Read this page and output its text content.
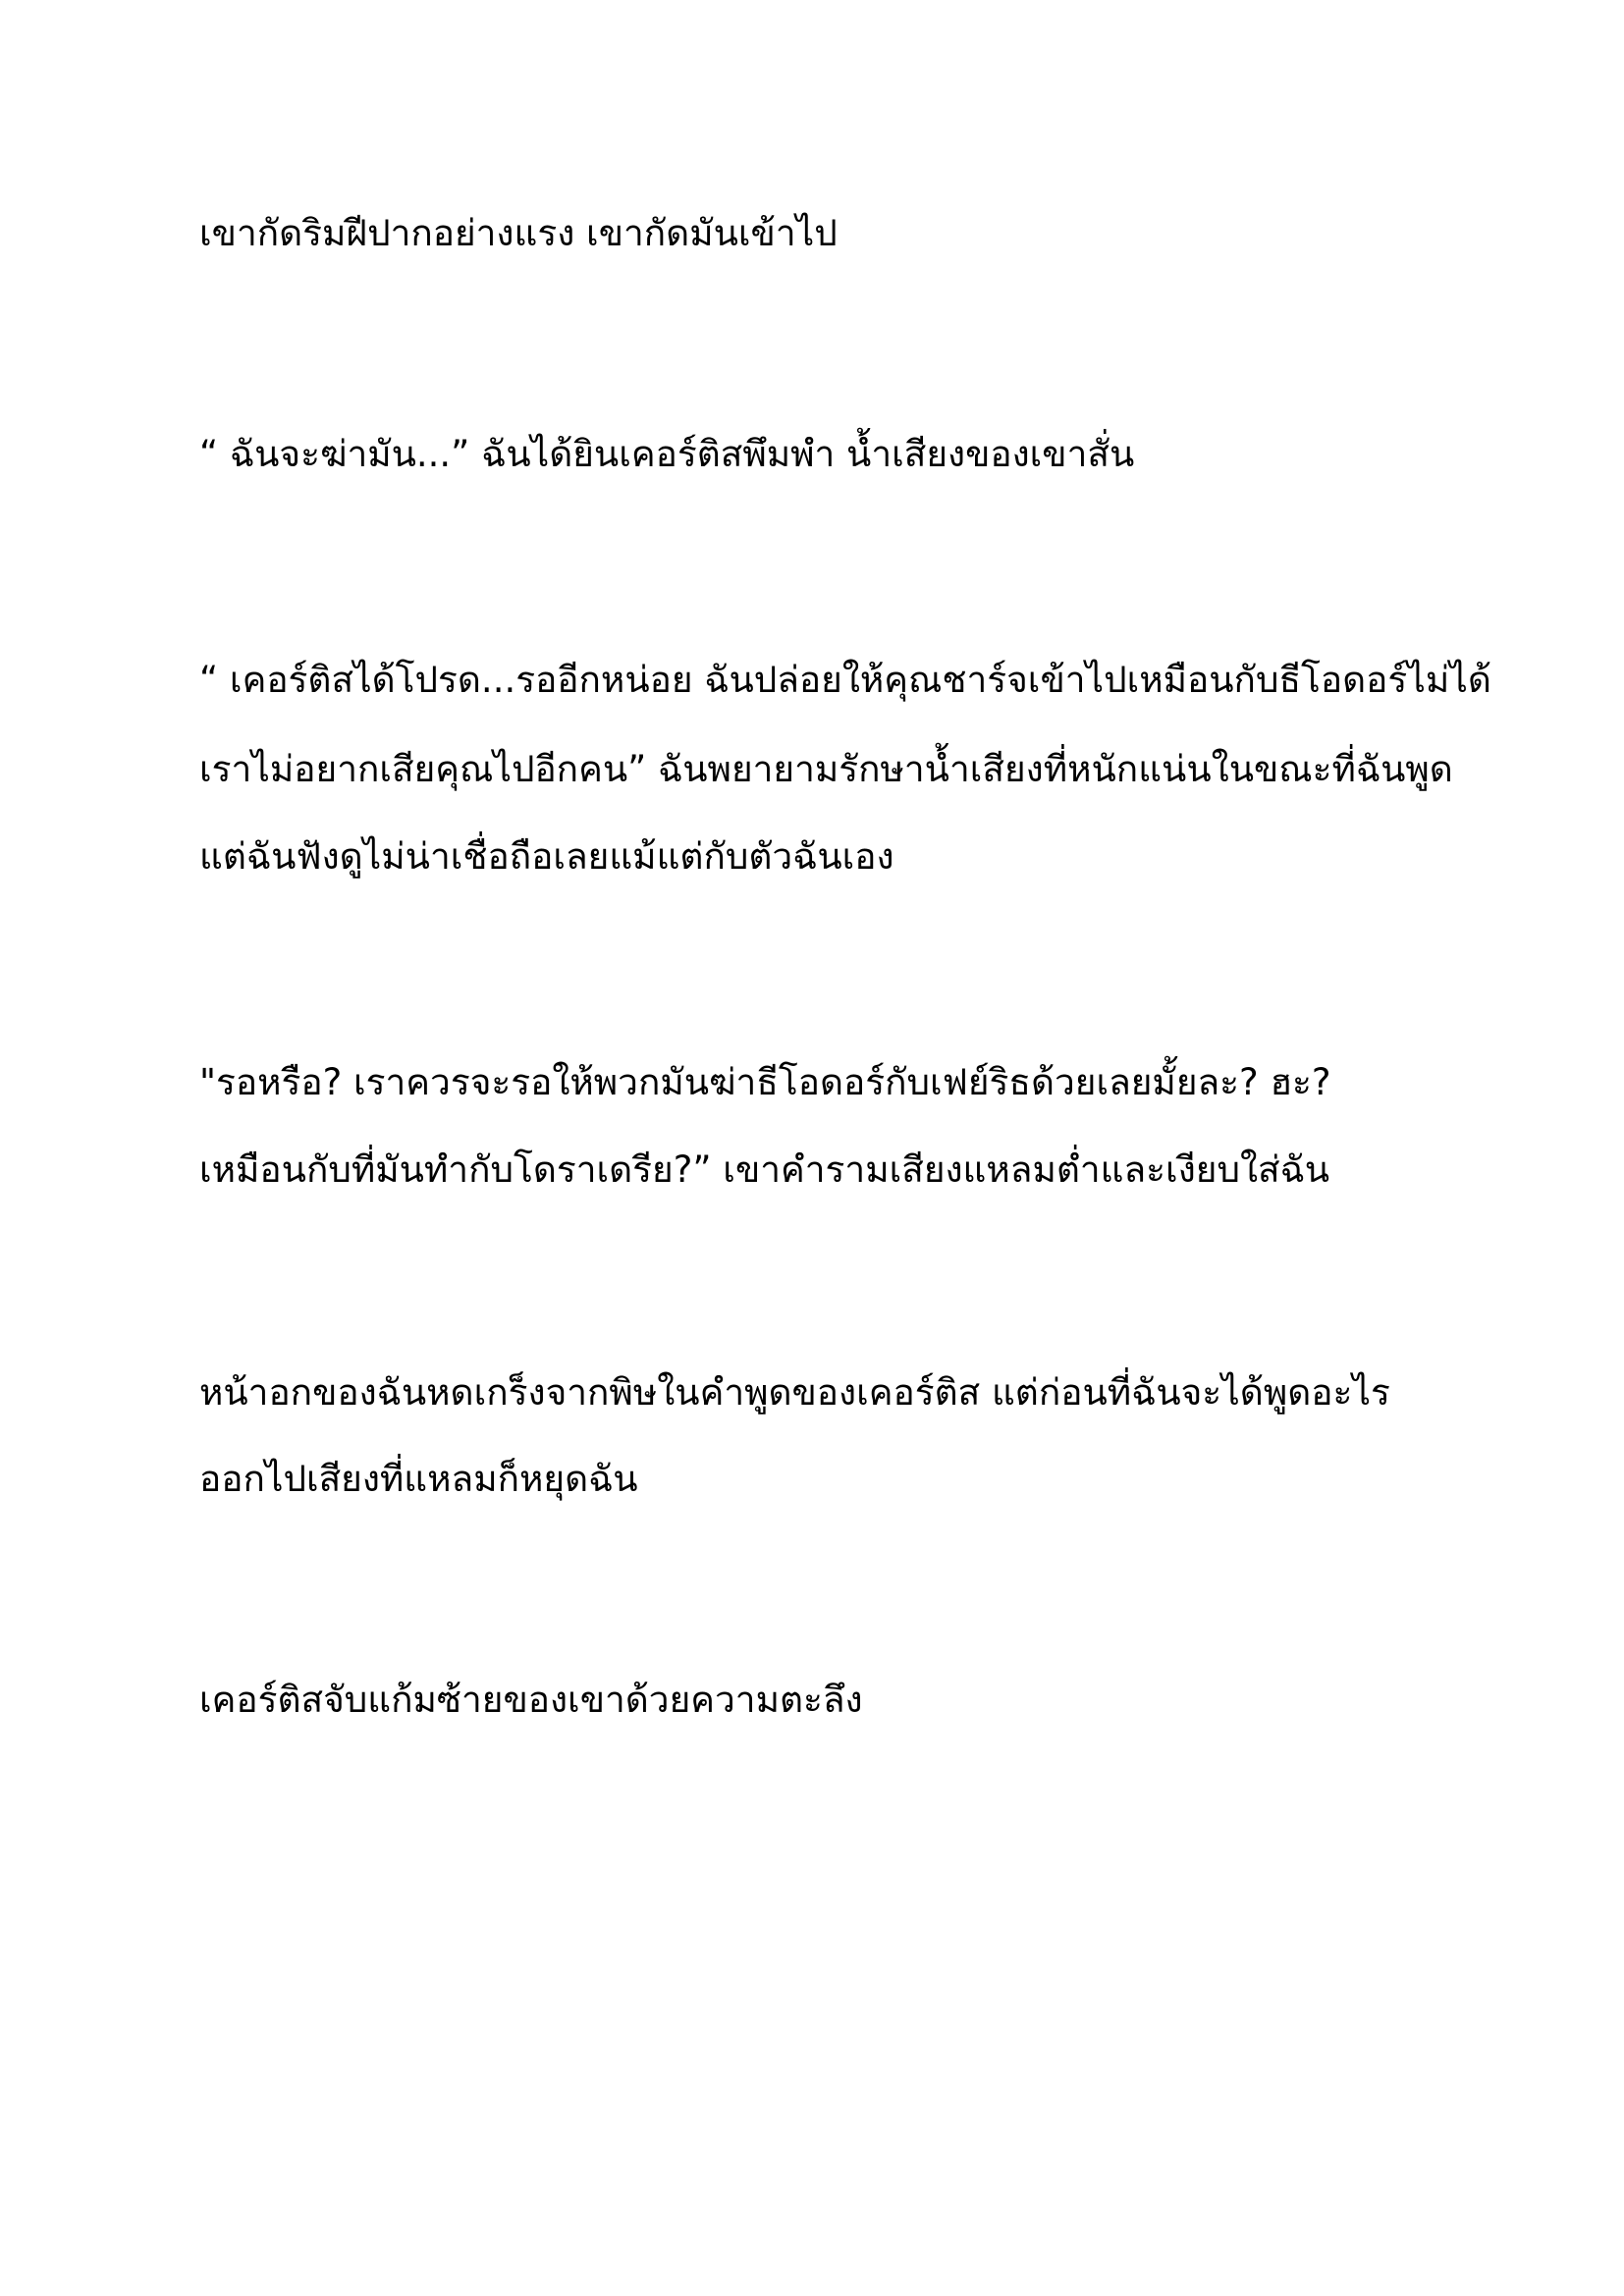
เขากัดริมฝีปากอย่างแรง เขากัดมันเข้าไป
“ ฉันจะฆ่ามัน...” ฉันได้ยินเคอร์ติสพึมพำ น้ำเสียงของเขาสั่น
“ เคอร์ติสได้โปรด...รออีกหน่อย ฉันปล่อยให้คุณชาร์จเข้าไปเหมือนกับธีโอดอร์ไม่ได้
เราไม่อยากเสียคุณไปอีกคน” ฉันพยายามรักษาน้ำเสียงที่หนักแน่นในขณะที่ฉันพูด
แต่ฉันฟังดูไม่น่าเชื่อถือเลยแม้แต่กับตัวฉันเอง
"รอหรือ? เราควรจะรอให้พวกมันฆ่าธีโอดอร์กับเฟย์ริธด้วยเลยมั้ยละ? ฮะ?
เหมือนกับที่มันทำกับโดราเดรีย?” เขาคำรามเสียงแหลมต่ำและเงียบใส่ฉัน
หน้าอกของฉันหดเกร็งจากพิษในคำพูดของเคอร์ติส แต่ก่อนที่ฉันจะได้พูดอะไร
ออกไปเสียงที่แหลมก็หยุดฉัน
เคอร์ติสจับแก้มซ้ายของเขาด้วยความตะลึง
